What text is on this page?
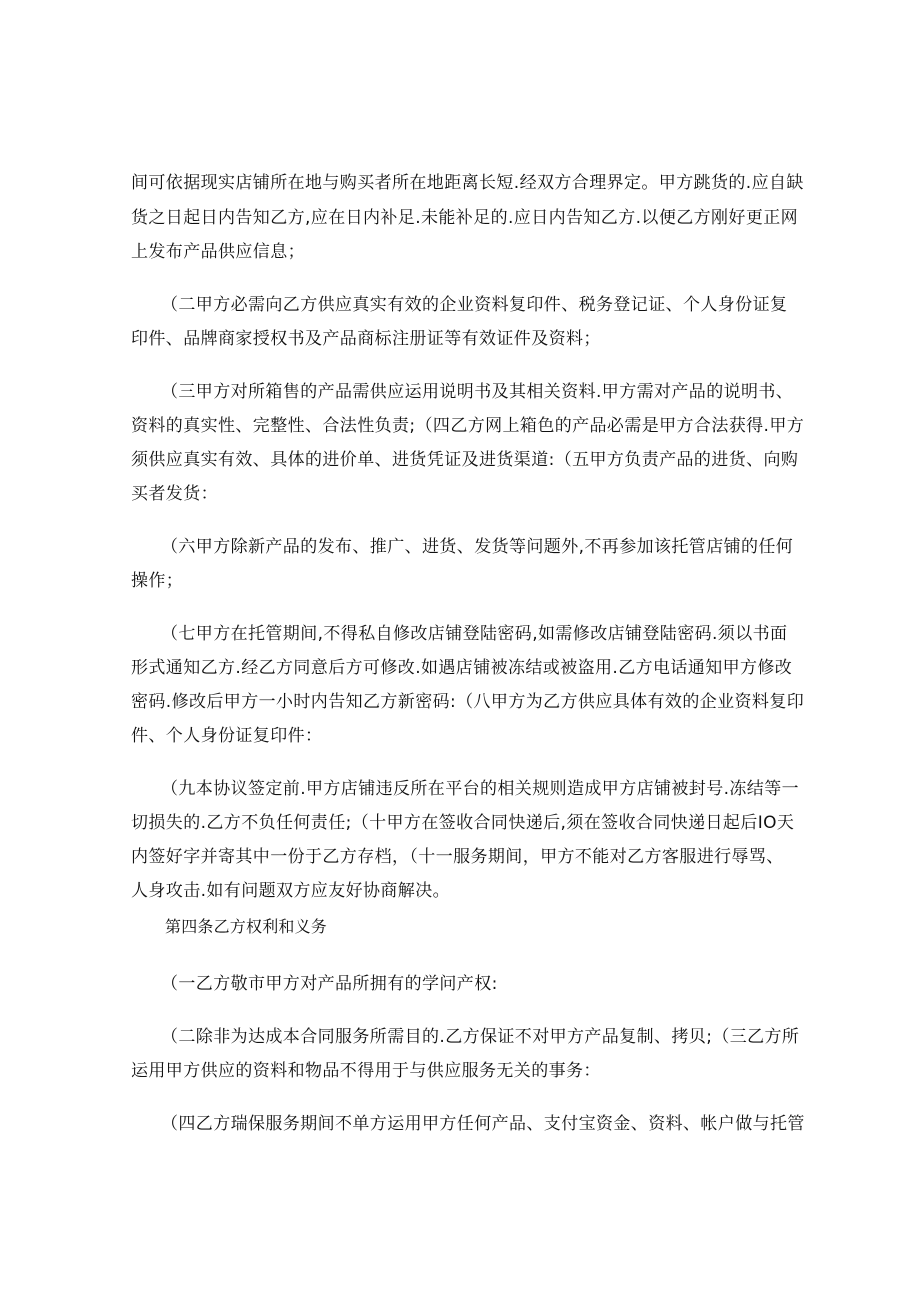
间可依据现实店铺所在地与购买者所在地距离长短.经双方合理界定。甲方跳货的.应自缺
货之日起日内告知乙方,应在日内补足.未能补足的.应日内告知乙方.以便乙方刚好更正网
上发布产品供应信息；
（二甲方必需向乙方供应真实有效的企业资料复印件、税务登记证、个人身份证复
印件、品牌商家授权书及产品商标注册证等有效证件及资料；
（三甲方对所箱售的产品需供应运用说明书及其相关资料.甲方需对产品的说明书、
资料的真实性、完整性、合法性负责;（四乙方网上箱色的产品必需是甲方合法获得.甲方
须供应真实有效、具体的进价单、进货凭证及进货渠道:（五甲方负责产品的进货、向购
买者发货：
（六甲方除新产品的发布、推广、进货、发货等问题外,不再参加该托管店铺的任何
操作；
（七甲方在托管期间,不得私自修改店铺登陆密码,如需修改店铺登陆密码.须以书面
形式通知乙方.经乙方同意后方可修改.如遇店铺被冻结或被盗用.乙方电话通知甲方修改
密码.修改后甲方一小时内告知乙方新密码:（八甲方为乙方供应具体有效的企业资料复印
件、个人身份证复印件：
（九本协议签定前.甲方店铺违反所在平台的相关规则造成甲方店铺被封号.冻结等一
切损失的.乙方不负任何责任;（十甲方在签收合同快递后,须在签收合同快递日起后IO天
内签好字并寄其中一份于乙方存档，（十一服务期间，甲方不能对乙方客服进行辱骂、
人身攻击.如有问题双方应友好协商解决。
第四条乙方权利和义务
（一乙方敬市甲方对产品所拥有的学问产权:
（二除非为达成本合同服务所需目的.乙方保证不对甲方产品复制、拷贝;（三乙方所
运用甲方供应的资料和物品不得用于与供应服务无关的事务：
（四乙方瑞保服务期间不单方运用甲方任何产品、支付宝资金、资料、帐户做与托管
